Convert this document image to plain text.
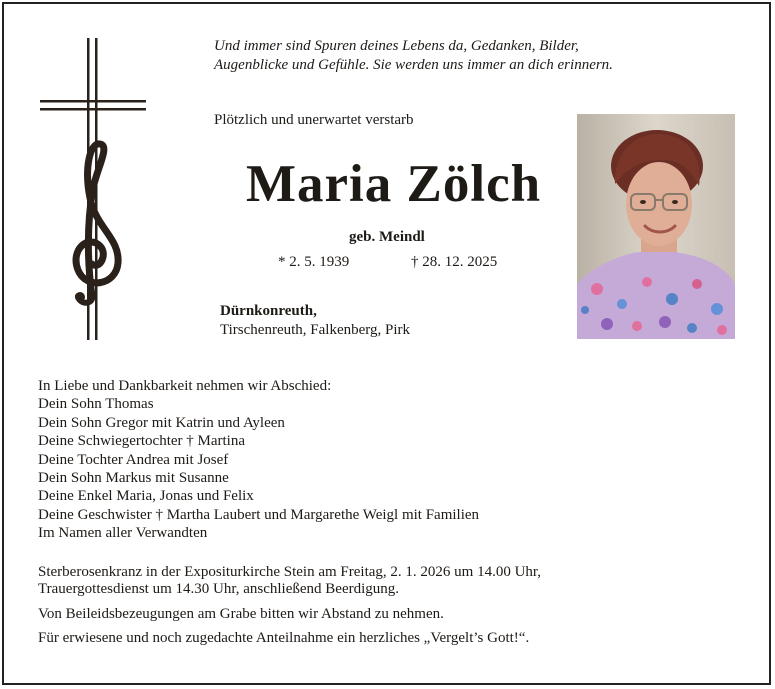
Und immer sind Spuren deines Lebens da, Gedanken, Bilder,
Augenblicke und Gefühle. Sie werden uns immer an dich erinnern.
Plötzlich und unerwartet verstarb
Maria Zölch
geb. Meindl
* 2. 5. 1939	† 28. 12. 2025
Dürnkonreuth,
Tirschenreuth, Falkenberg, Pirk
In Liebe und Dankbarkeit nehmen wir Abschied:
Dein Sohn Thomas
Dein Sohn Gregor mit Katrin und Ayleen
Deine Schwiegertochter † Martina
Deine Tochter Andrea mit Josef
Dein Sohn Markus mit Susanne
Deine Enkel Maria, Jonas und Felix
Deine Geschwister † Martha Laubert und Margarethe Weigl mit Familien
Im Namen aller Verwandten
Sterberosenkranz in der Expositurkirche Stein am Freitag, 2. 1. 2026 um 14.00 Uhr,
Trauergottesdienst um 14.30 Uhr, anschließend Beerdigung.
Von Beileidsbezeugungen am Grabe bitten wir Abstand zu nehmen.
Für erwiesene und noch zugedachte Anteilnahme ein herzliches „Vergelt’s Gott!“.
